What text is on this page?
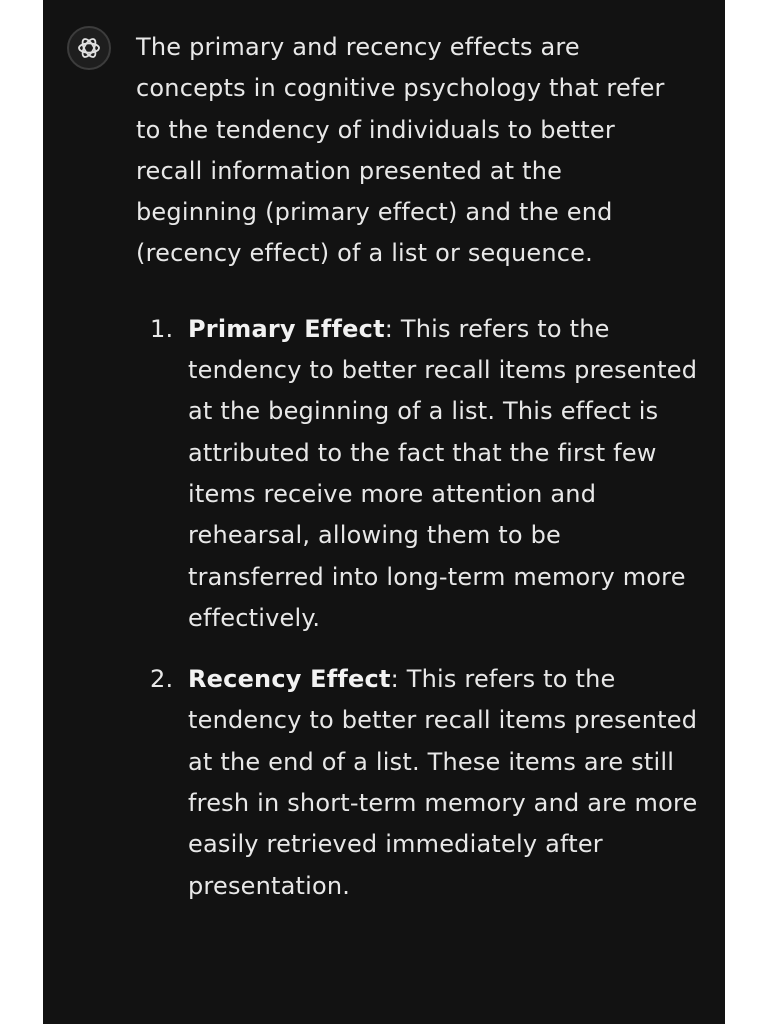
The primary and recency effects are concepts in cognitive psychology that refer to the tendency of individuals to better recall information presented at the beginning (primary effect) and the end (recency effect) of a list or sequence.

1. Primary Effect: This refers to the tendency to better recall items presented at the beginning of a list. This effect is attributed to the fact that the first few items receive more attention and rehearsal, allowing them to be transferred into long-term memory more effectively.
2. Recency Effect: This refers to the tendency to better recall items presented at the end of a list. These items are still fresh in short-term memory and are more easily retrieved immediately after presentation.
